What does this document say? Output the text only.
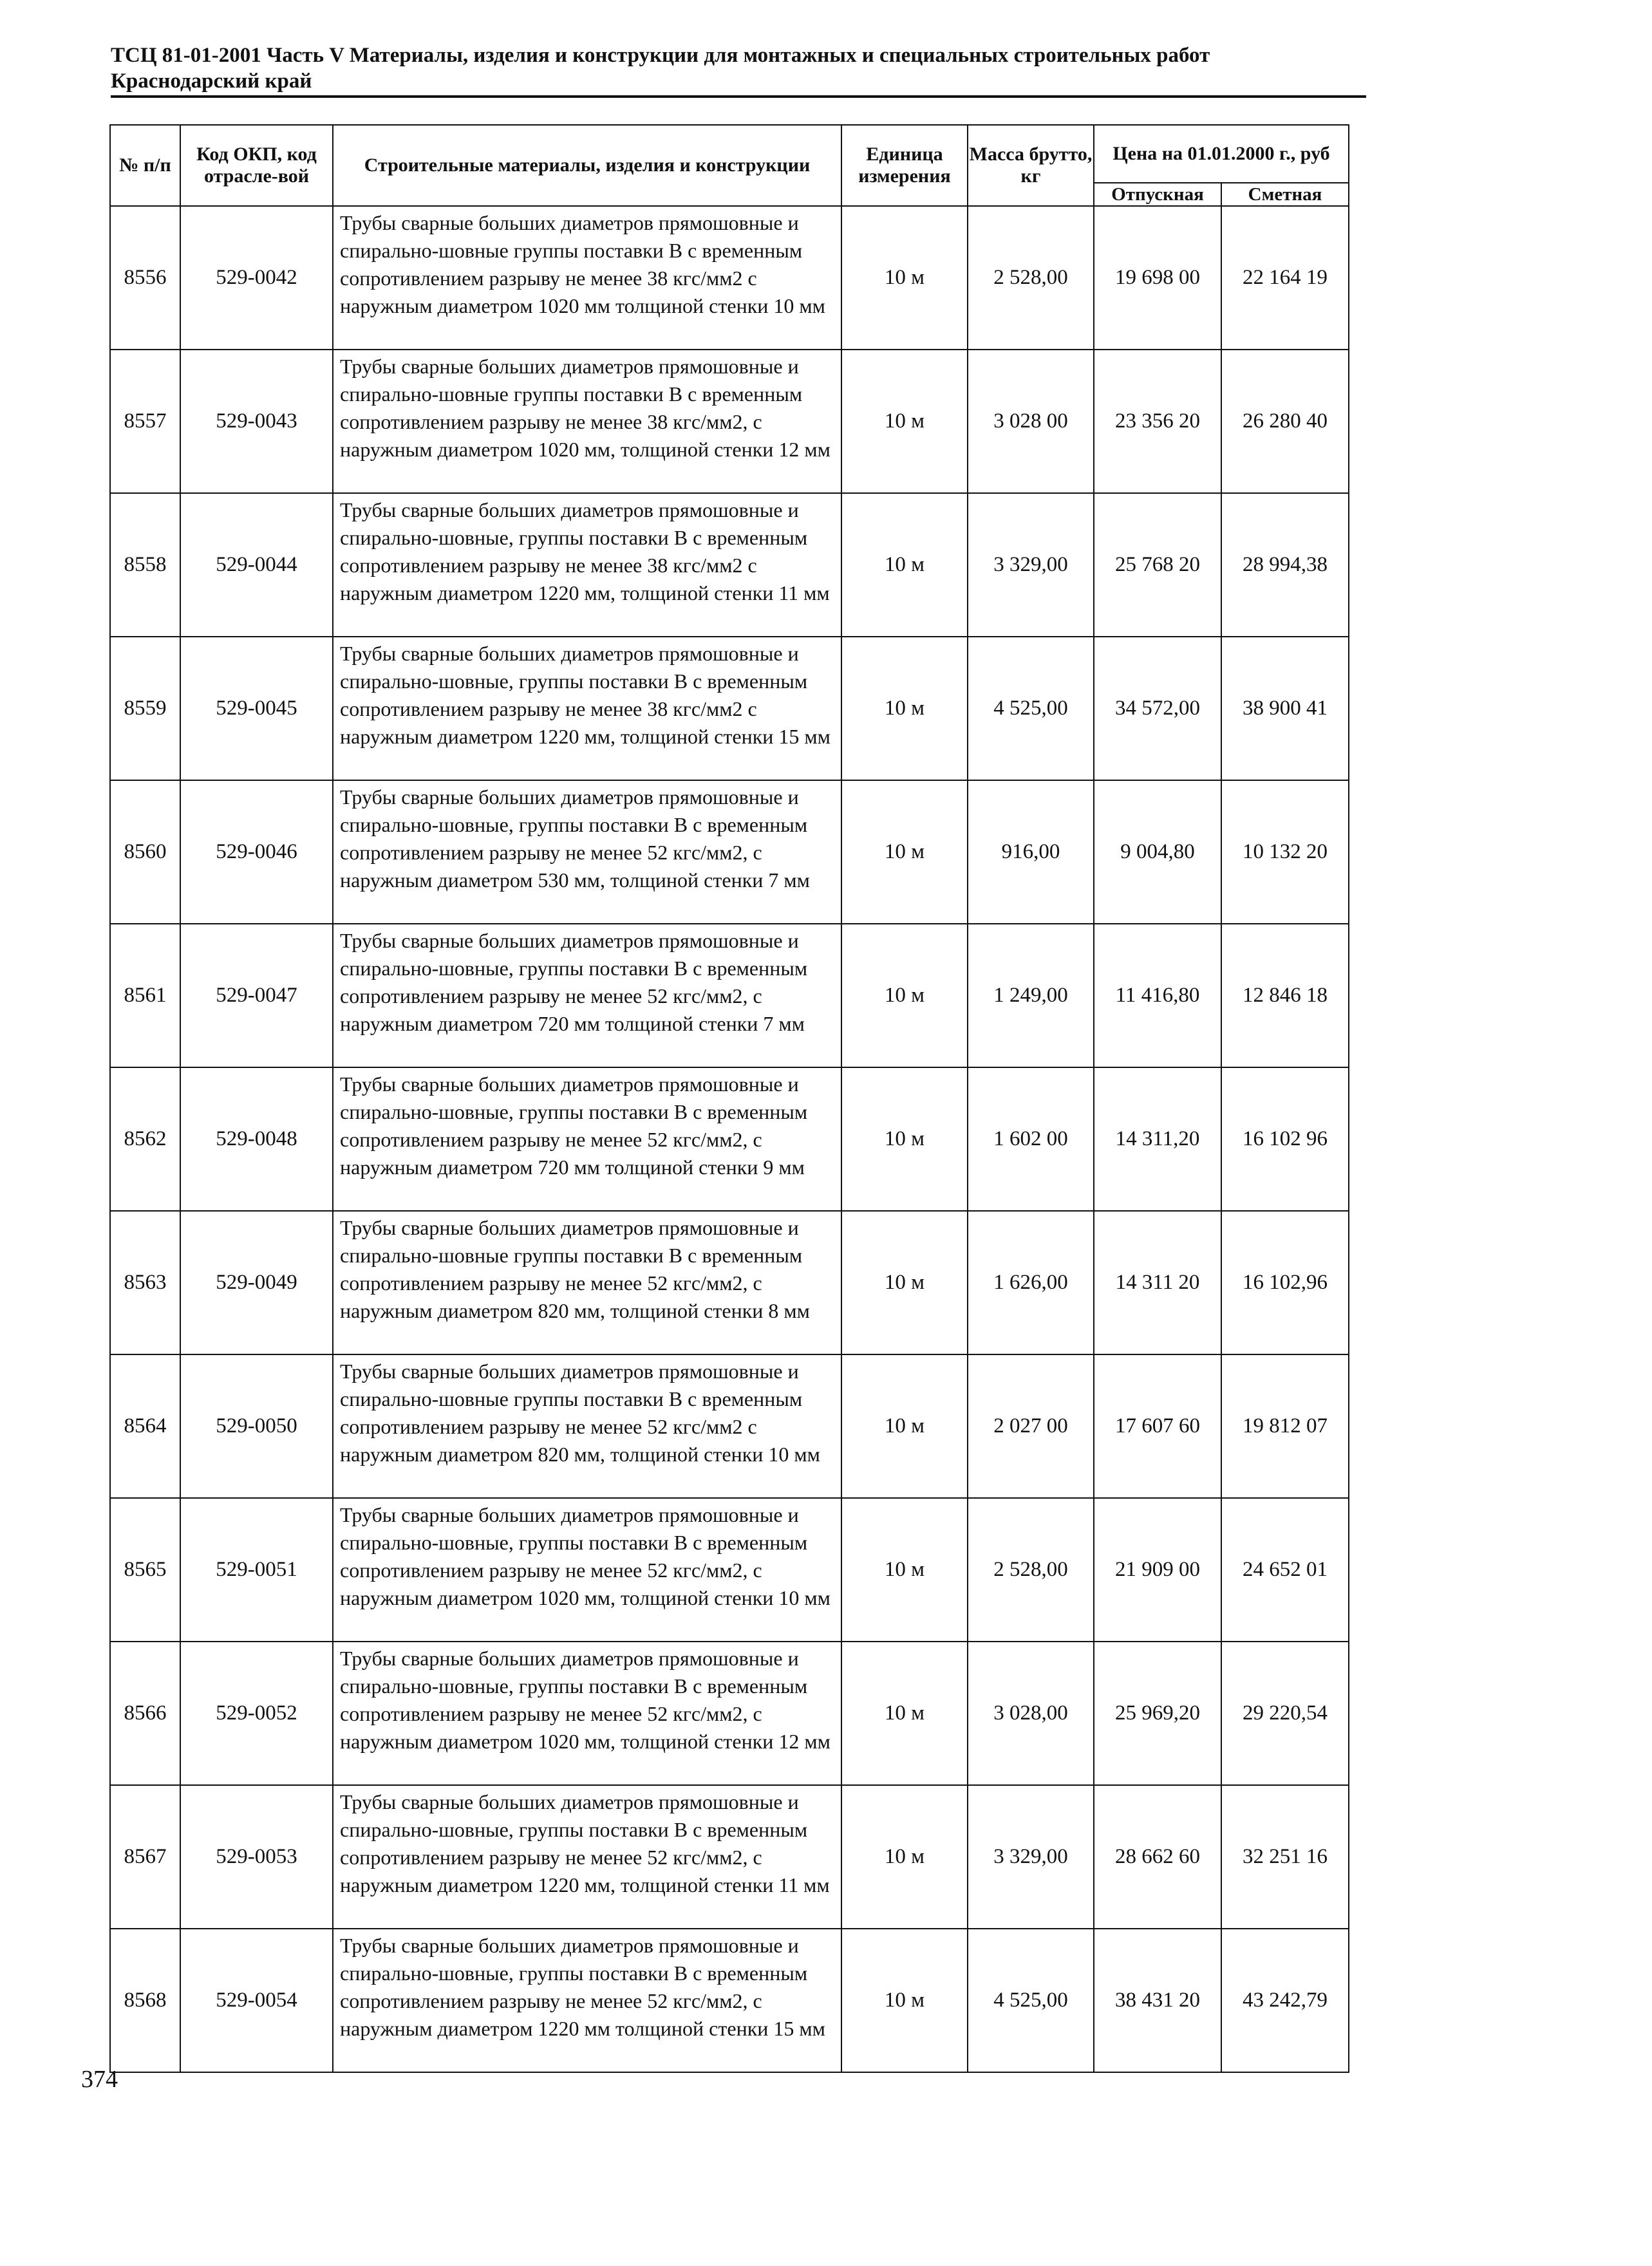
ТСЦ 81-01-2001 Часть V Материалы, изделия и конструкции для монтажных и специальных строительных работ
Краснодарский край
№ п/п	Код ОКП, код отрасле-вой	Строительные материалы, изделия и конструкции	Единица измерения	Масса брутто, кг	Цена на 01.01.2000 г., руб	
					Отпускная	Сметная
8556	529-0042	Трубы сварные больших диаметров прямошовные и спирально-шовные группы поставки В с временным сопротивлением разрыву не менее 38 кгс/мм2 с наружным диаметром 1020 мм толщиной стенки 10 мм	10 м	2 528,00	19 698 00	22 164 19
8557	529-0043	Трубы сварные больших диаметров прямошовные и спирально-шовные группы поставки В с временным сопротивлением разрыву не менее 38 кгс/мм2, с наружным диаметром 1020 мм, толщиной стенки 12 мм	10 м	3 028 00	23 356 20	26 280 40
8558	529-0044	Трубы сварные больших диаметров прямошовные и спирально-шовные, группы поставки В с временным сопротивлением разрыву не менее 38 кгс/мм2 с наружным диаметром 1220 мм, толщиной стенки 11 мм	10 м	3 329,00	25 768 20	28 994,38
8559	529-0045	Трубы сварные больших диаметров прямошовные и спирально-шовные, группы поставки В с временным сопротивлением разрыву не менее 38 кгс/мм2 с наружным диаметром 1220 мм, толщиной стенки 15 мм	10 м	4 525,00	34 572,00	38 900 41
8560	529-0046	Трубы сварные больших диаметров прямошовные и спирально-шовные, группы поставки В с временным сопротивлением разрыву не менее 52 кгс/мм2, с наружным диаметром 530 мм, толщиной стенки 7 мм	10 м	916,00	9 004,80	10 132 20
8561	529-0047	Трубы сварные больших диаметров прямошовные и спирально-шовные, группы поставки В с временным сопротивлением разрыву не менее 52 кгс/мм2, с наружным диаметром 720 мм толщиной стенки 7 мм	10 м	1 249,00	11 416,80	12 846 18
8562	529-0048	Трубы сварные больших диаметров прямошовные и спирально-шовные, группы поставки В с временным сопротивлением разрыву не менее 52 кгс/мм2, с наружным диаметром 720 мм толщиной стенки 9 мм	10 м	1 602 00	14 311,20	16 102 96
8563	529-0049	Трубы сварные больших диаметров прямошовные и спирально-шовные группы поставки В с временным сопротивлением разрыву не менее 52 кгс/мм2, с наружным диаметром 820 мм, толщиной стенки 8 мм	10 м	1 626,00	14 311 20	16 102,96
8564	529-0050	Трубы сварные больших диаметров прямошовные и спирально-шовные группы поставки В с временным сопротивлением разрыву не менее 52 кгс/мм2 с наружным диаметром 820 мм, толщиной стенки 10 мм	10 м	2 027 00	17 607 60	19 812 07
8565	529-0051	Трубы сварные больших диаметров прямошовные и спирально-шовные, группы поставки В с временным сопротивлением разрыву не менее 52 кгс/мм2, с наружным диаметром 1020 мм, толщиной стенки 10 мм	10 м	2 528,00	21 909 00	24 652 01
8566	529-0052	Трубы сварные больших диаметров прямошовные и спирально-шовные, группы поставки В с временным сопротивлением разрыву не менее 52 кгс/мм2, с наружным диаметром 1020 мм, толщиной стенки 12 мм	10 м	3 028,00	25 969,20	29 220,54
8567	529-0053	Трубы сварные больших диаметров прямошовные и спирально-шовные, группы поставки В с временным сопротивлением разрыву не менее 52 кгс/мм2, с наружным диаметром 1220 мм, толщиной стенки 11 мм	10 м	3 329,00	28 662 60	32 251 16
8568	529-0054	Трубы сварные больших диаметров прямошовные и спирально-шовные, группы поставки В с временным сопротивлением разрыву не менее 52 кгс/мм2, с наружным диаметром 1220 мм толщиной стенки 15 мм	10 м	4 525,00	38 431 20	43 242,79
374
